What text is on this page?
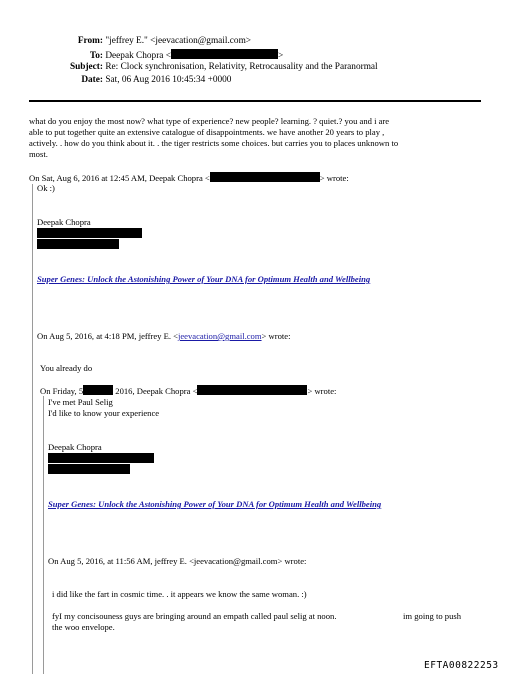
From: "jeffrey E." <jeevacation@gmail.com>
To: Deepak Chopra <	>
Subject: Re: Clock synchronisation, Relativity, Retrocausality and the Paranormal
Date: Sat, 06 Aug 2016 10:45:34 +0000
what do you enjoy the most now? what type of experience? new people? learning. ? quiet.? you and i are
able to put together quite an extensive catalogue of disappointments. we have another 20 years to play ,
actively. . how do you think about it. . the tiger restricts some choices. but carries you to places unknown to
most.
On Sat, Aug 6, 2016 at 12:45 AM, Deepak Chopra <	> wrote:
Ok :)
Deepak Chopra
Super Genes: Unlock the Astonishing Power of Your DNA for Optimum Health and Wellbeing
On Aug 5, 2016, at 4:18 PM, jeffrey E. <jeevacation@gmail.com> wrote:
You already do
On Friday, 5	2016, Deepak Chopra <	> wrote:
I've met Paul Selig
I'd like to know your experience
Deepak Chopra
Super Genes: Unlock the Astonishing Power of Your DNA for Optimum Health and Wellbeing
On Aug 5, 2016, at 11:56 AM, jeffrey E. <jeevacation@gmail.com> wrote:
i did like the fart in cosmic time. . it appears we know the same woman. :)
fyI my concisouness guys are bringing around an empath called paul selig at noon.	im going to push
the woo envelope.
EFTA00822253
